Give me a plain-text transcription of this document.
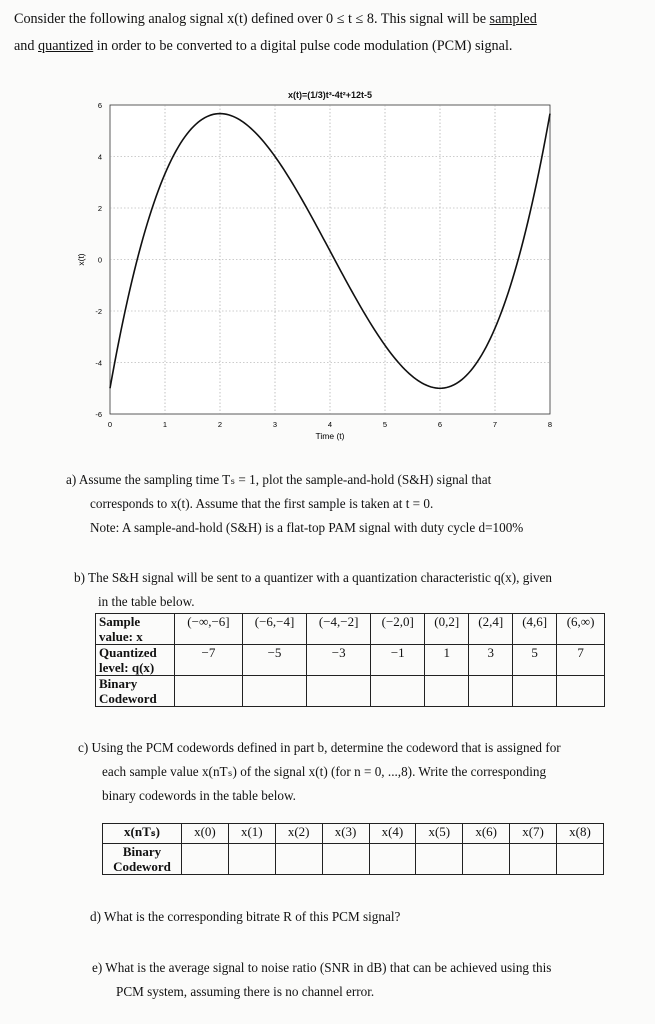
Consider the following analog signal x(t) defined over 0 ≤ t ≤ 8. This signal will be sampled
and quantized in order to be converted to a digital pulse code modulation (PCM) signal.
x(t)=(1/3)t³-4t²+12t-5
0	1	2	3	4	5	6	7	8
-6
-4
-2
0
2
4
6
Time (t)
x(t)
a) Assume the sampling time Tₛ = 1, plot the sample-and-hold (S&H) signal that
corresponds to x(t). Assume that the first sample is taken at t = 0.
Note: A sample-and-hold (S&H) is a flat-top PAM signal with duty cycle d=100%
b) The S&H signal will be sent to a quantizer with a quantization characteristic q(x), given
in the table below.
Sample value: x	(−∞,−6]	(−6,−4]	(−4,−2]	(−2,0]	(0,2]	(2,4]	(4,6]	(6,∞)
Quantized level: q(x)	−7	−5	−3	−1	1	3	5	7
Binary Codeword								
c) Using the PCM codewords defined in part b, determine the codeword that is assigned for
each sample value x(nTₛ) of the signal x(t) (for n = 0, ...,8). Write the corresponding
binary codewords in the table below.
x(nTₛ)	x(0)	x(1)	x(2)	x(3)	x(4)	x(5)	x(6)	x(7)	x(8)
Binary Codeword									
d) What is the corresponding bitrate R of this PCM signal?
e) What is the average signal to noise ratio (SNR in dB) that can be achieved using this
PCM system, assuming there is no channel error.
